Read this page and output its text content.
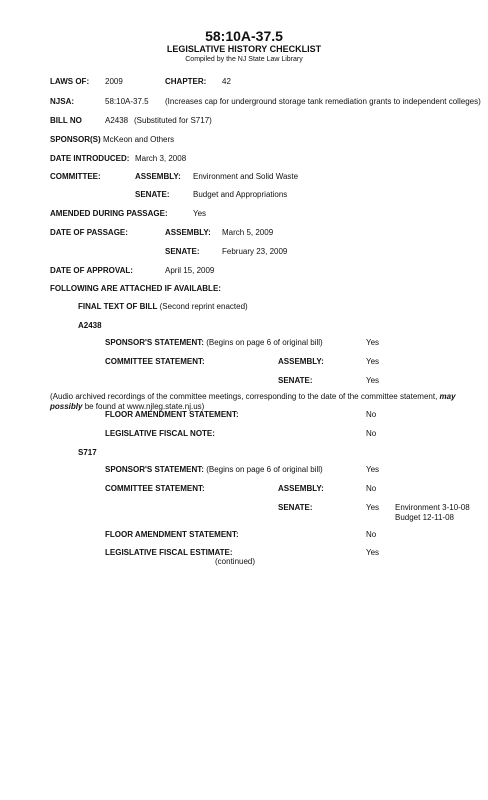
58:10A-37.5
LEGISLATIVE HISTORY CHECKLIST
Compiled by the NJ State Law Library
LAWS OF: 2009	CHAPTER: 42
NJSA:	58:10A-37.5 (Increases cap for underground storage tank remediation grants to independent colleges)
BILL NO	A2438 (Substituted for S717)
SPONSOR(S) McKeon and Others
DATE INTRODUCED: March 3, 2008
COMMITTEE:	ASSEMBLY: Environment and Solid Waste
SENATE:	Budget and Appropriations
AMENDED DURING PASSAGE:	Yes
DATE OF PASSAGE:	ASSEMBLY: March 5, 2009
SENATE:	February 23, 2009
DATE OF APPROVAL:	April 15, 2009
FOLLOWING ARE ATTACHED IF AVAILABLE:
FINAL TEXT OF BILL (Second reprint enacted)
A2438
SPONSOR'S STATEMENT: (Begins on page 6 of original bill)	Yes
COMMITTEE STATEMENT:	ASSEMBLY:	Yes
SENATE:	Yes
(Audio archived recordings of the committee meetings, corresponding to the date of the committee statement, may possibly be found at www.njleg.state.nj.us)
FLOOR AMENDMENT STATEMENT:	No
LEGISLATIVE FISCAL NOTE:	No
S717
SPONSOR'S STATEMENT: (Begins on page 6 of original bill)	Yes
COMMITTEE STATEMENT:	ASSEMBLY:	No
SENATE:	Yes Environment 3-10-08
Budget 12-11-08
FLOOR AMENDMENT STATEMENT:	No
LEGISLATIVE FISCAL ESTIMATE:	Yes
(continued)
